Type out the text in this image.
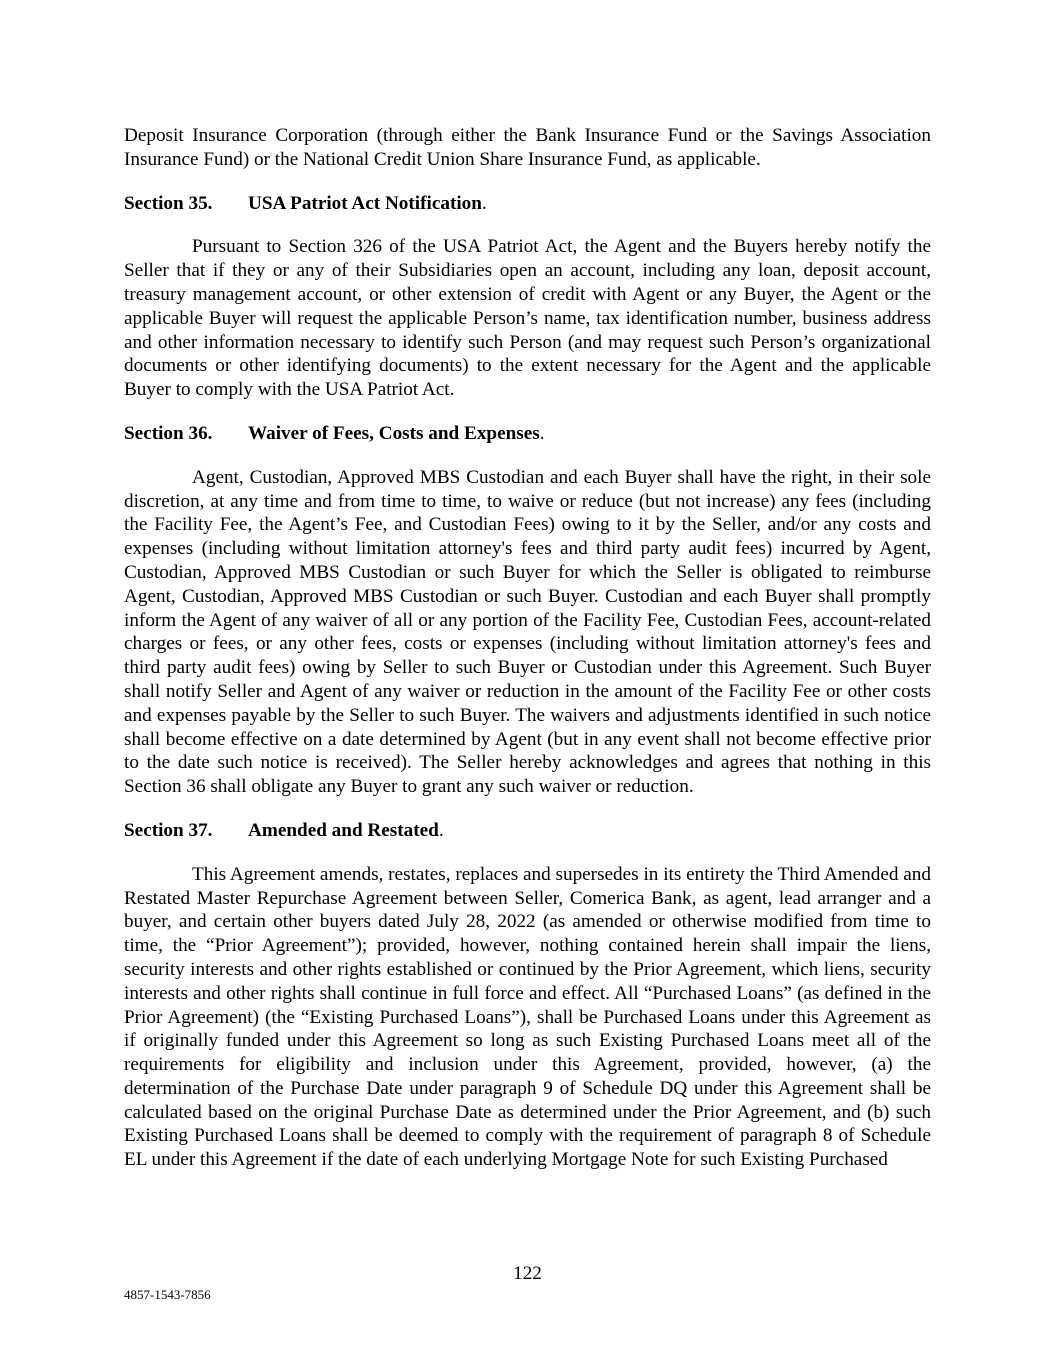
Deposit Insurance Corporation (through either the Bank Insurance Fund or the Savings Association Insurance Fund) or the National Credit Union Share Insurance Fund, as applicable.

Section 35. USA Patriot Act Notification.

Pursuant to Section 326 of the USA Patriot Act, the Agent and the Buyers hereby notify the Seller that if they or any of their Subsidiaries open an account, including any loan, deposit account, treasury management account, or other extension of credit with Agent or any Buyer, the Agent or the applicable Buyer will request the applicable Person’s name, tax identification number, business address and other information necessary to identify such Person (and may request such Person’s organizational documents or other identifying documents) to the extent necessary for the Agent and the applicable Buyer to comply with the USA Patriot Act.

Section 36. Waiver of Fees, Costs and Expenses.

Agent, Custodian, Approved MBS Custodian and each Buyer shall have the right, in their sole discretion, at any time and from time to time, to waive or reduce (but not increase) any fees (including the Facility Fee, the Agent’s Fee, and Custodian Fees) owing to it by the Seller, and/or any costs and expenses (including without limitation attorney's fees and third party audit fees) incurred by Agent, Custodian, Approved MBS Custodian or such Buyer for which the Seller is obligated to reimburse Agent, Custodian, Approved MBS Custodian or such Buyer. Custodian and each Buyer shall promptly inform the Agent of any waiver of all or any portion of the Facility Fee, Custodian Fees, account-related charges or fees, or any other fees, costs or expenses (including without limitation attorney's fees and third party audit fees) owing by Seller to such Buyer or Custodian under this Agreement. Such Buyer shall notify Seller and Agent of any waiver or reduction in the amount of the Facility Fee or other costs and expenses payable by the Seller to such Buyer. The waivers and adjustments identified in such notice shall become effective on a date determined by Agent (but in any event shall not become effective prior to the date such notice is received). The Seller hereby acknowledges and agrees that nothing in this Section 36 shall obligate any Buyer to grant any such waiver or reduction.

Section 37. Amended and Restated.

This Agreement amends, restates, replaces and supersedes in its entirety the Third Amended and Restated Master Repurchase Agreement between Seller, Comerica Bank, as agent, lead arranger and a buyer, and certain other buyers dated July 28, 2022 (as amended or otherwise modified from time to time, the “Prior Agreement”); provided, however, nothing contained herein shall impair the liens, security interests and other rights established or continued by the Prior Agreement, which liens, security interests and other rights shall continue in full force and effect. All “Purchased Loans” (as defined in the Prior Agreement) (the “Existing Purchased Loans”), shall be Purchased Loans under this Agreement as if originally funded under this Agreement so long as such Existing Purchased Loans meet all of the requirements for eligibility and inclusion under this Agreement, provided, however, (a) the determination of the Purchase Date under paragraph 9 of Schedule DQ under this Agreement shall be calculated based on the original Purchase Date as determined under the Prior Agreement, and (b) such Existing Purchased Loans shall be deemed to comply with the requirement of paragraph 8 of Schedule EL under this Agreement if the date of each underlying Mortgage Note for such Existing Purchased

122
4857-1543-7856
